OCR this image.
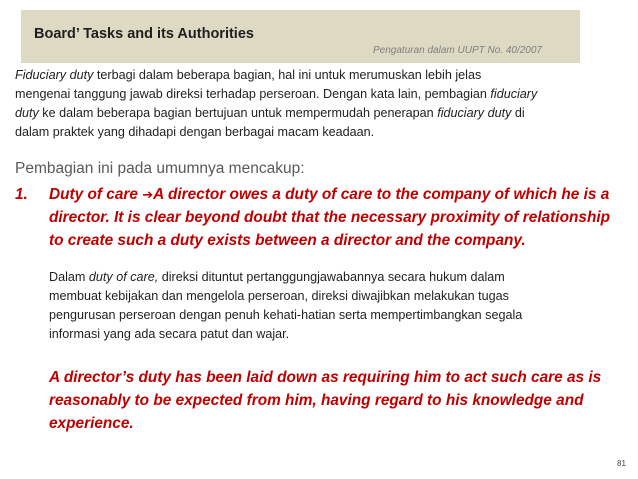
Board’ Tasks and its Authorities
Pengaturan dalam UUPT No. 40/2007
Fiduciary duty terbagi dalam beberapa bagian, hal ini untuk merumuskan lebih jelas
mengenai tanggung jawab direksi terhadap perseroan. Dengan kata lain, pembagian fiduciary
duty ke dalam beberapa bagian bertujuan untuk mempermudah penerapan fiduciary duty di
dalam praktek yang dihadapi dengan berbagai macam keadaan.
Pembagian ini pada umumnya mencakup:
1. Duty of care ➔A director owes a duty of care to the company of which he is a
director. It is clear beyond doubt that the necessary proximity of relationship
to create such a duty exists between a director and the company.
Dalam duty of care, direksi dituntut pertanggungjawabannya secara hukum dalam
membuat kebijakan dan mengelola perseroan, direksi diwajibkan melakukan tugas
pengurusan perseroan dengan penuh kehati-hatian serta mempertimbangkan segala
informasi yang ada secara patut dan wajar.
A director’s duty has been laid down as requiring him to act such care as is
reasonably to be expected from him, having regard to his knowledge and
experience.
81
